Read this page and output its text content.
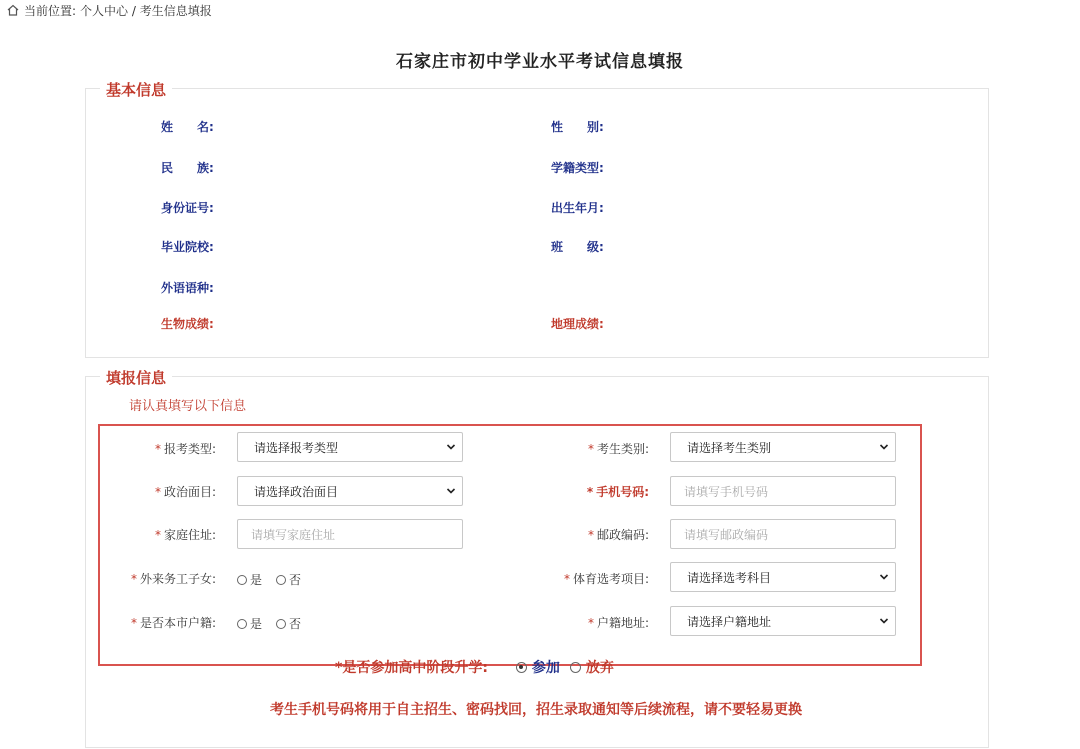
当前位置: 个人中心 / 考生信息填报
石家庄市初中学业水平考试信息填报
基本信息
姓　　名:	性　　别:
民　　族:	学籍类型:
身份证号:	出生年月:
毕业院校:	班　　级:
外语语种:
生物成绩:	地理成绩:
填报信息
请认真填写以下信息
* 报考类型:	请选择报考类型	* 考生类别:	请选择考生类别
* 政治面目:	请选择政治面目	* 手机号码:	请填写手机号码
* 家庭住址:	请填写家庭住址	* 邮政编码:	请填写邮政编码
* 外来务工子女:	是 否	* 体育选考项目:	请选择选考科目
* 是否本市户籍:	是 否	* 户籍地址:	请选择户籍地址
*是否参加高中阶段升学:	参加 放弃
考生手机号码将用于自主招生、密码找回，招生录取通知等后续流程，请不要轻易更换
